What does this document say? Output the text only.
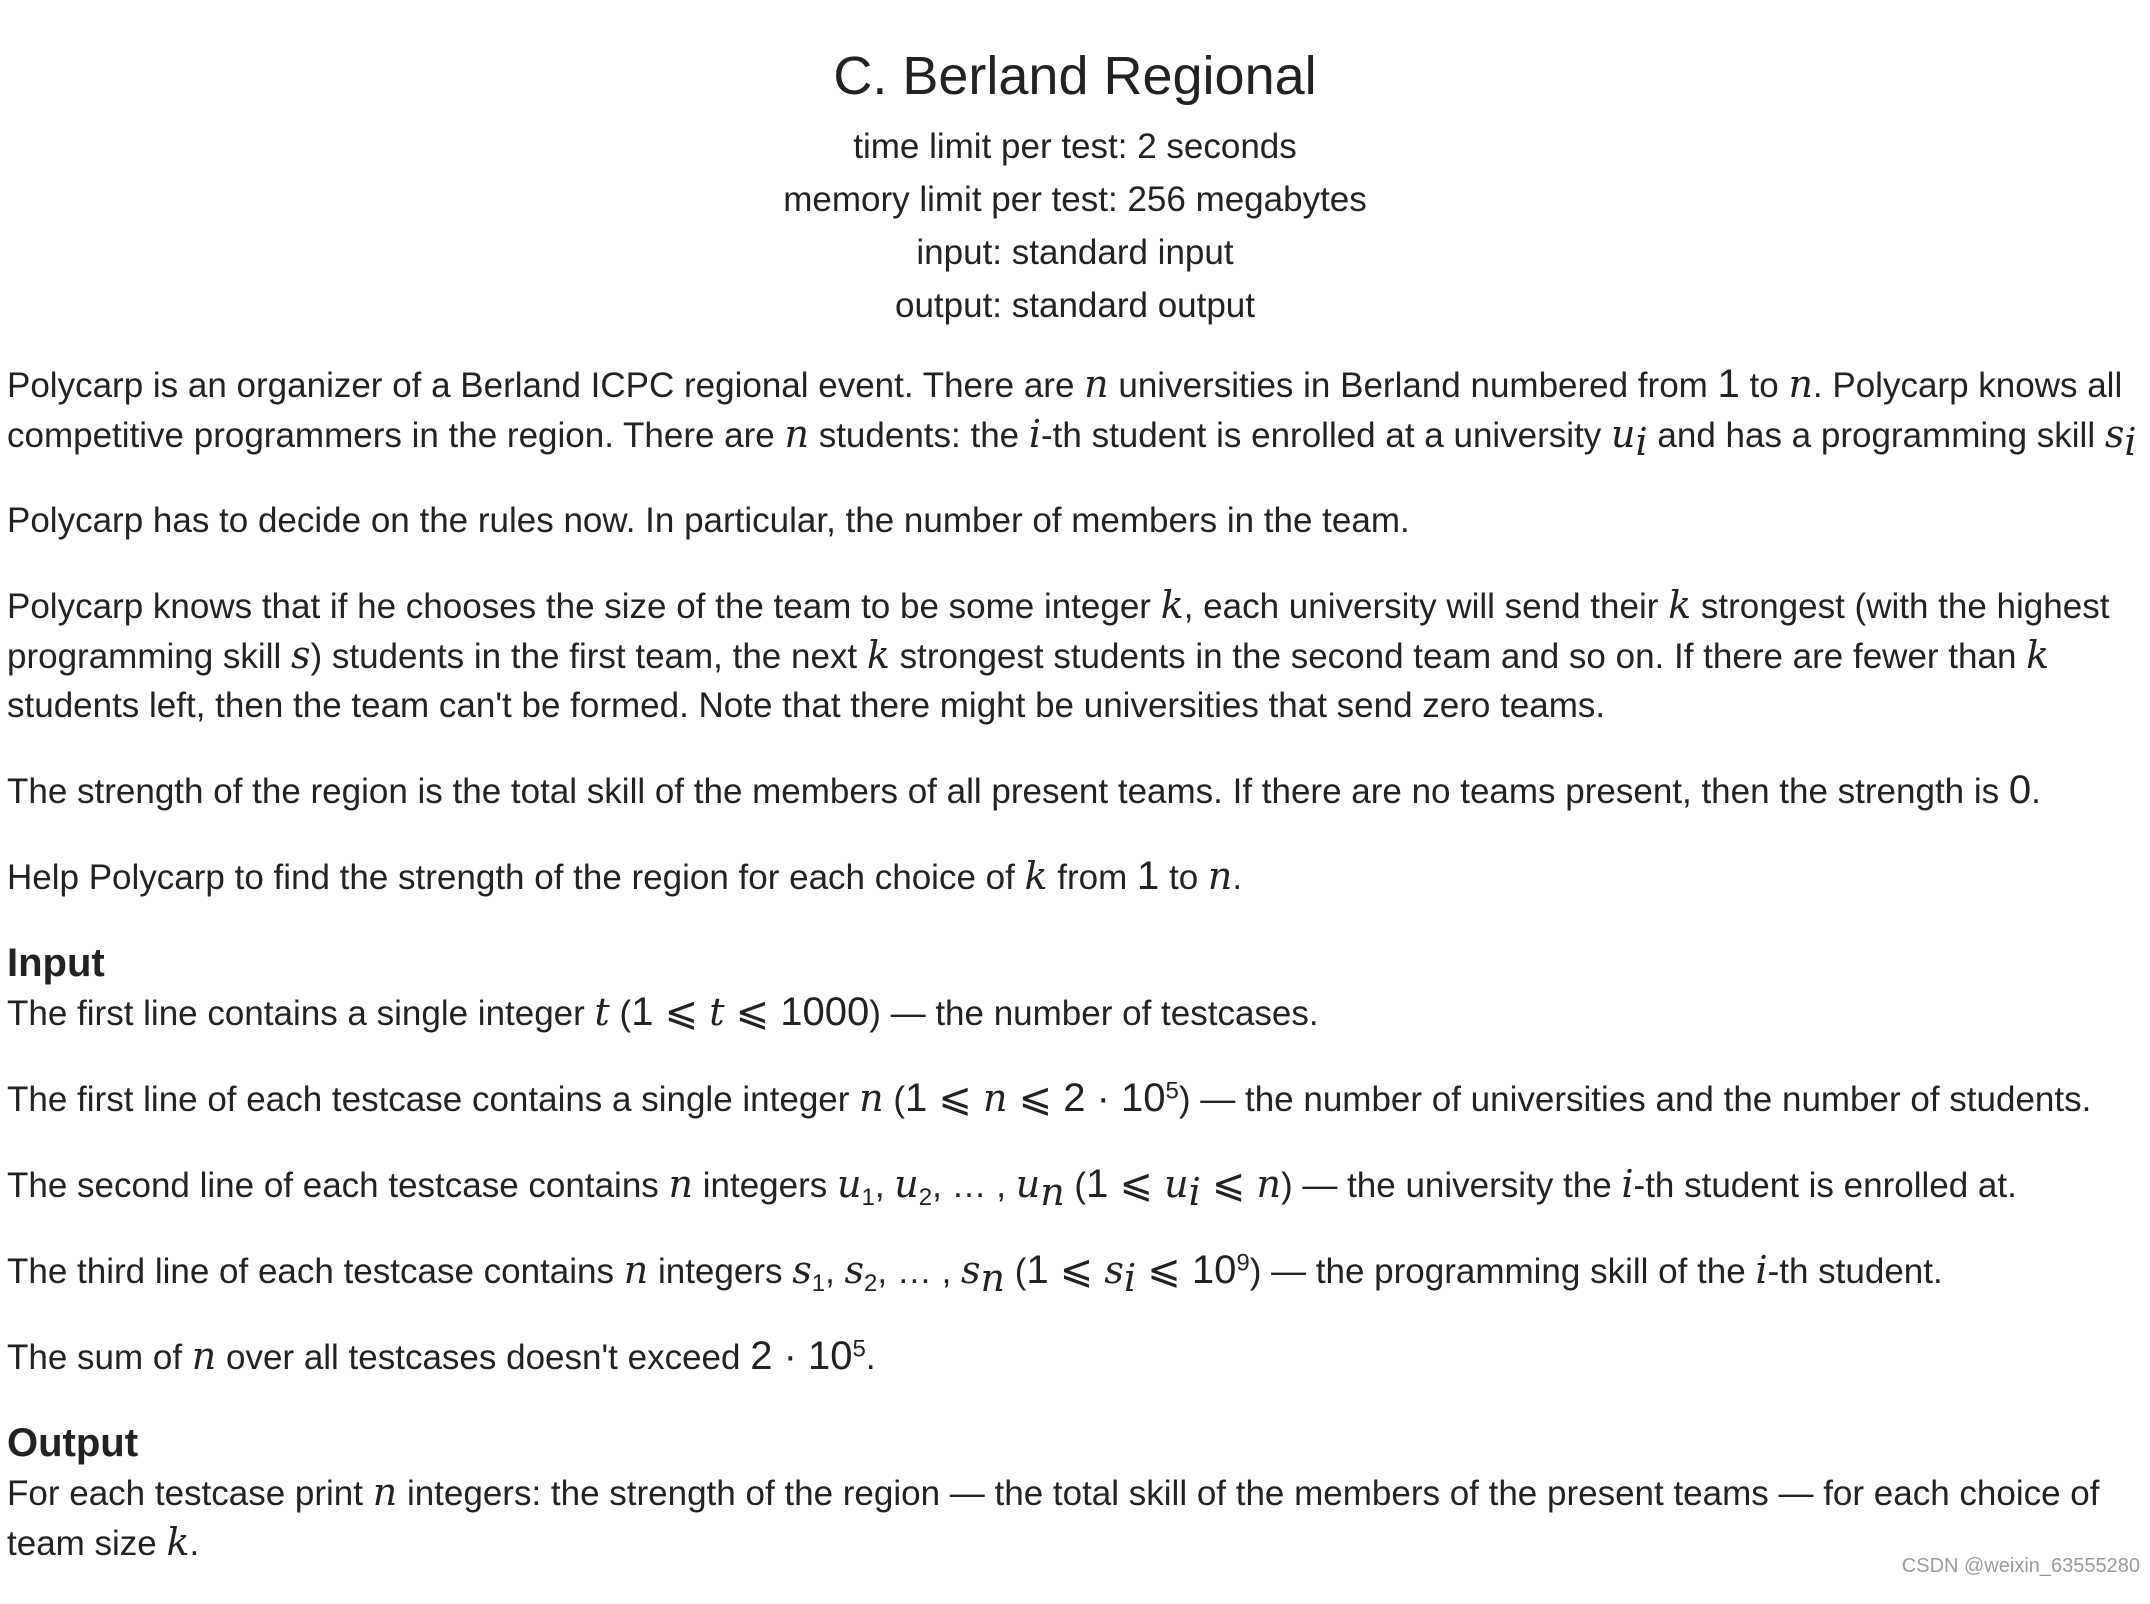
C. Berland Regional
time limit per test: 2 seconds
memory limit per test: 256 megabytes
input: standard input
output: standard output

Polycarp is an organizer of a Berland ICPC regional event. There are n universities in Berland numbered from 1 to n. Polycarp knows all competitive programmers in the region. There are n students: the i-th student is enrolled at a university $u_i$ and has a programming skill $s_i$

Polycarp has to decide on the rules now. In particular, the number of members in the team.

Polycarp knows that if he chooses the size of the team to be some integer k, each university will send their k strongest (with the highest programming skill s) students in the first team, the next k strongest students in the second team and so on. If there are fewer than k students left, then the team can't be formed. Note that there might be universities that send zero teams.

The strength of the region is the total skill of the members of all present teams. If there are no teams present, then the strength is 0.

Help Polycarp to find the strength of the region for each choice of k from 1 to n.

Input

The first line contains a single integer t (1 ⩽ t ⩽ 1000) — the number of testcases.

The first line of each testcase contains a single integer n (1 ⩽ n ⩽ $2 \cdot 10^5$) — the number of universities and the number of students.

The second line of each testcase contains n integers $u_1$, $u_2$, … , $u_n$ (1 ⩽ $u_i$ ⩽ n) — the university the i-th student is enrolled at.

The third line of each testcase contains n integers $s_1$, $s_2$, … , $s_n$ (1 ⩽ $s_i$ ⩽ $10^9$) — the programming skill of the i-th student.

The sum of n over all testcases doesn't exceed $2 \cdot 10^5$.

Output

For each testcase print n integers: the strength of the region — the total skill of the members of the present teams — for each choice of team size k.

CSDN @weixin_63555280
